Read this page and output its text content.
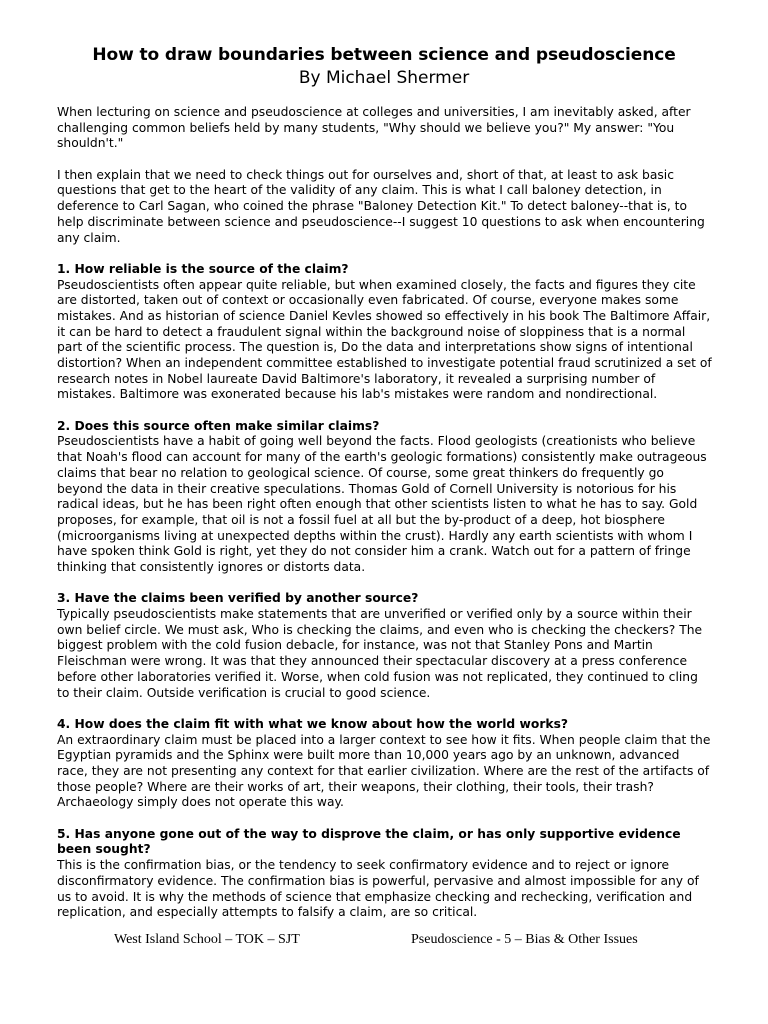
How to draw boundaries between science and pseudoscience
By Michael Shermer

When lecturing on science and pseudoscience at colleges and universities, I am inevitably asked, after challenging common beliefs held by many students, "Why should we believe you?" My answer: "You shouldn't."

I then explain that we need to check things out for ourselves and, short of that, at least to ask basic questions that get to the heart of the validity of any claim. This is what I call baloney detection, in deference to Carl Sagan, who coined the phrase "Baloney Detection Kit." To detect baloney--that is, to help discriminate between science and pseudoscience--I suggest 10 questions to ask when encountering any claim.

1. How reliable is the source of the claim?
Pseudoscientists often appear quite reliable, but when examined closely, the facts and figures they cite are distorted, taken out of context or occasionally even fabricated. Of course, everyone makes some mistakes. And as historian of science Daniel Kevles showed so effectively in his book The Baltimore Affair, it can be hard to detect a fraudulent signal within the background noise of sloppiness that is a normal part of the scientific process. The question is, Do the data and interpretations show signs of intentional distortion? When an independent committee established to investigate potential fraud scrutinized a set of research notes in Nobel laureate David Baltimore's laboratory, it revealed a surprising number of mistakes. Baltimore was exonerated because his lab's mistakes were random and nondirectional.
2. Does this source often make similar claims?
Pseudoscientists have a habit of going well beyond the facts. Flood geologists (creationists who believe that Noah's flood can account for many of the earth's geologic formations) consistently make outrageous claims that bear no relation to geological science. Of course, some great thinkers do frequently go beyond the data in their creative speculations. Thomas Gold of Cornell University is notorious for his radical ideas, but he has been right often enough that other scientists listen to what he has to say. Gold proposes, for example, that oil is not a fossil fuel at all but the by-product of a deep, hot biosphere (microorganisms living at unexpected depths within the crust). Hardly any earth scientists with whom I have spoken think Gold is right, yet they do not consider him a crank. Watch out for a pattern of fringe thinking that consistently ignores or distorts data.
3. Have the claims been verified by another source?
Typically pseudoscientists make statements that are unverified or verified only by a source within their own belief circle. We must ask, Who is checking the claims, and even who is checking the checkers? The biggest problem with the cold fusion debacle, for instance, was not that Stanley Pons and Martin Fleischman were wrong. It was that they announced their spectacular discovery at a press conference before other laboratories verified it. Worse, when cold fusion was not replicated, they continued to cling to their claim. Outside verification is crucial to good science.
4. How does the claim fit with what we know about how the world works?
An extraordinary claim must be placed into a larger context to see how it fits. When people claim that the Egyptian pyramids and the Sphinx were built more than 10,000 years ago by an unknown, advanced race, they are not presenting any context for that earlier civilization. Where are the rest of the artifacts of those people? Where are their works of art, their weapons, their clothing, their tools, their trash? Archaeology simply does not operate this way.
5. Has anyone gone out of the way to disprove the claim, or has only supportive evidence been sought?
This is the confirmation bias, or the tendency to seek confirmatory evidence and to reject or ignore disconfirmatory evidence. The confirmation bias is powerful, pervasive and almost impossible for any of us to avoid. It is why the methods of science that emphasize checking and rechecking, verification and replication, and especially attempts to falsify a claim, are so critical.
West Island School – TOK – SJT	Pseudoscience - 5 – Bias & Other Issues
